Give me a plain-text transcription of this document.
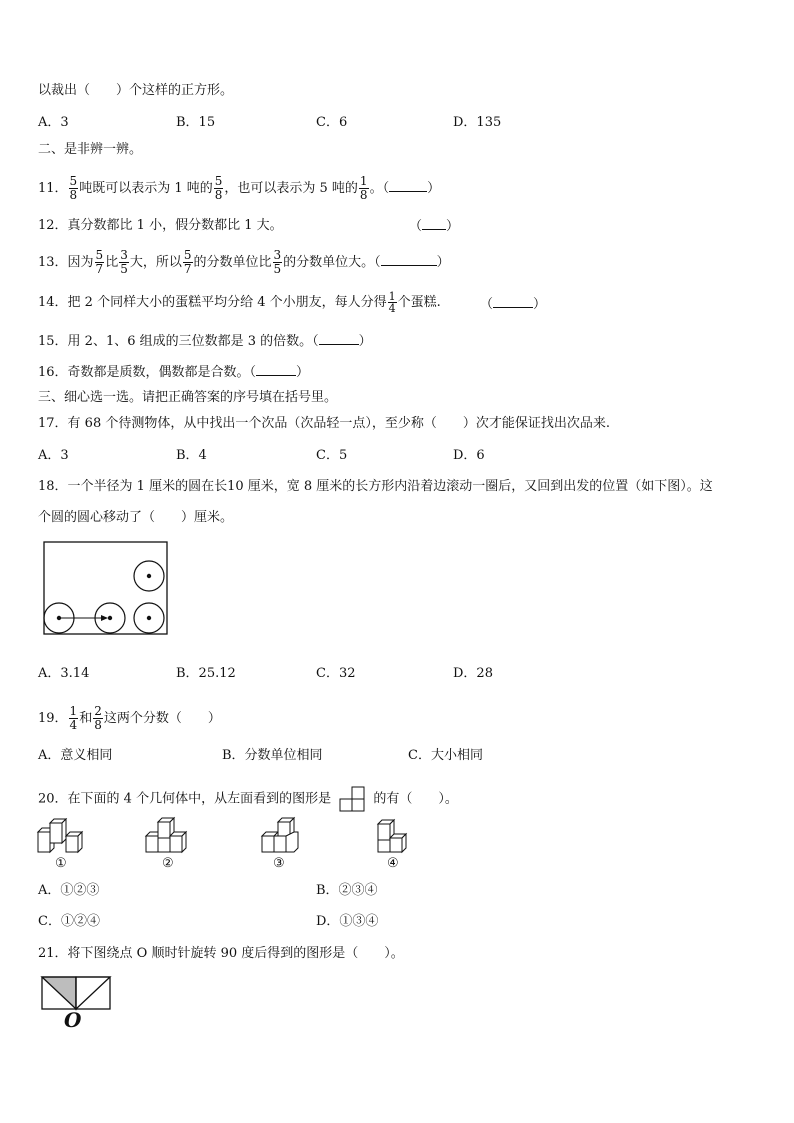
以裁出（　　）个这样的正方形。
A．3	B．15	C．6	D．135
二、是非辨一辨。
11． $\frac{5}{8}$ 吨既可以表示为 1 吨的 $\frac{5}{8}$ ，也可以表示为 5 吨的 $\frac{1}{8}$ 。（	）
12．真分数都比 1 小，假分数都比 1 大。	（ ）
13．因为 $\frac{5}{7}$ 比 $\frac{3}{5}$ 大，所以 $\frac{5}{7}$ 的分数单位比 $\frac{3}{5}$ 的分数单位大。（	）
14．把 2 个同样大小的蛋糕平均分给 4 个小朋友，每人分得 $\frac{1}{4}$ 个蛋糕.	（	）
15．用 2、1、6 组成的三位数都是 3 的倍数。（	）
16．奇数都是质数，偶数都是合数。（	）
三、细心选一选。请把正确答案的序号填在括号里。
17．有 68 个待测物体，从中找出一个次品（次品轻一点），至少称（　　）次才能保证找出次品来.
A．3	B．4	C．5	D．6
18．一个半径为 1 厘米的圆在长10 厘米，宽 8 厘米的长方形内沿着边滚动一圈后，又回到出发的位置（如下图）。这
个圆的圆心移动了（　　）厘米。
A．3.14	B．25.12	C．32	D．28
19． $\frac{1}{4}$ 和 $\frac{2}{8}$ 这两个分数（　　）
A．意义相同	B．分数单位相同	C．大小相同
20．在下面的 4 个几何体中，从左面看到的图形是	的有（　　）。
①	②	③	④
A．①②③	B．②③④
C．①②④	D．①③④
21．将下图绕点 O 顺时针旋转 90 度后得到的图形是（　　）。
O
